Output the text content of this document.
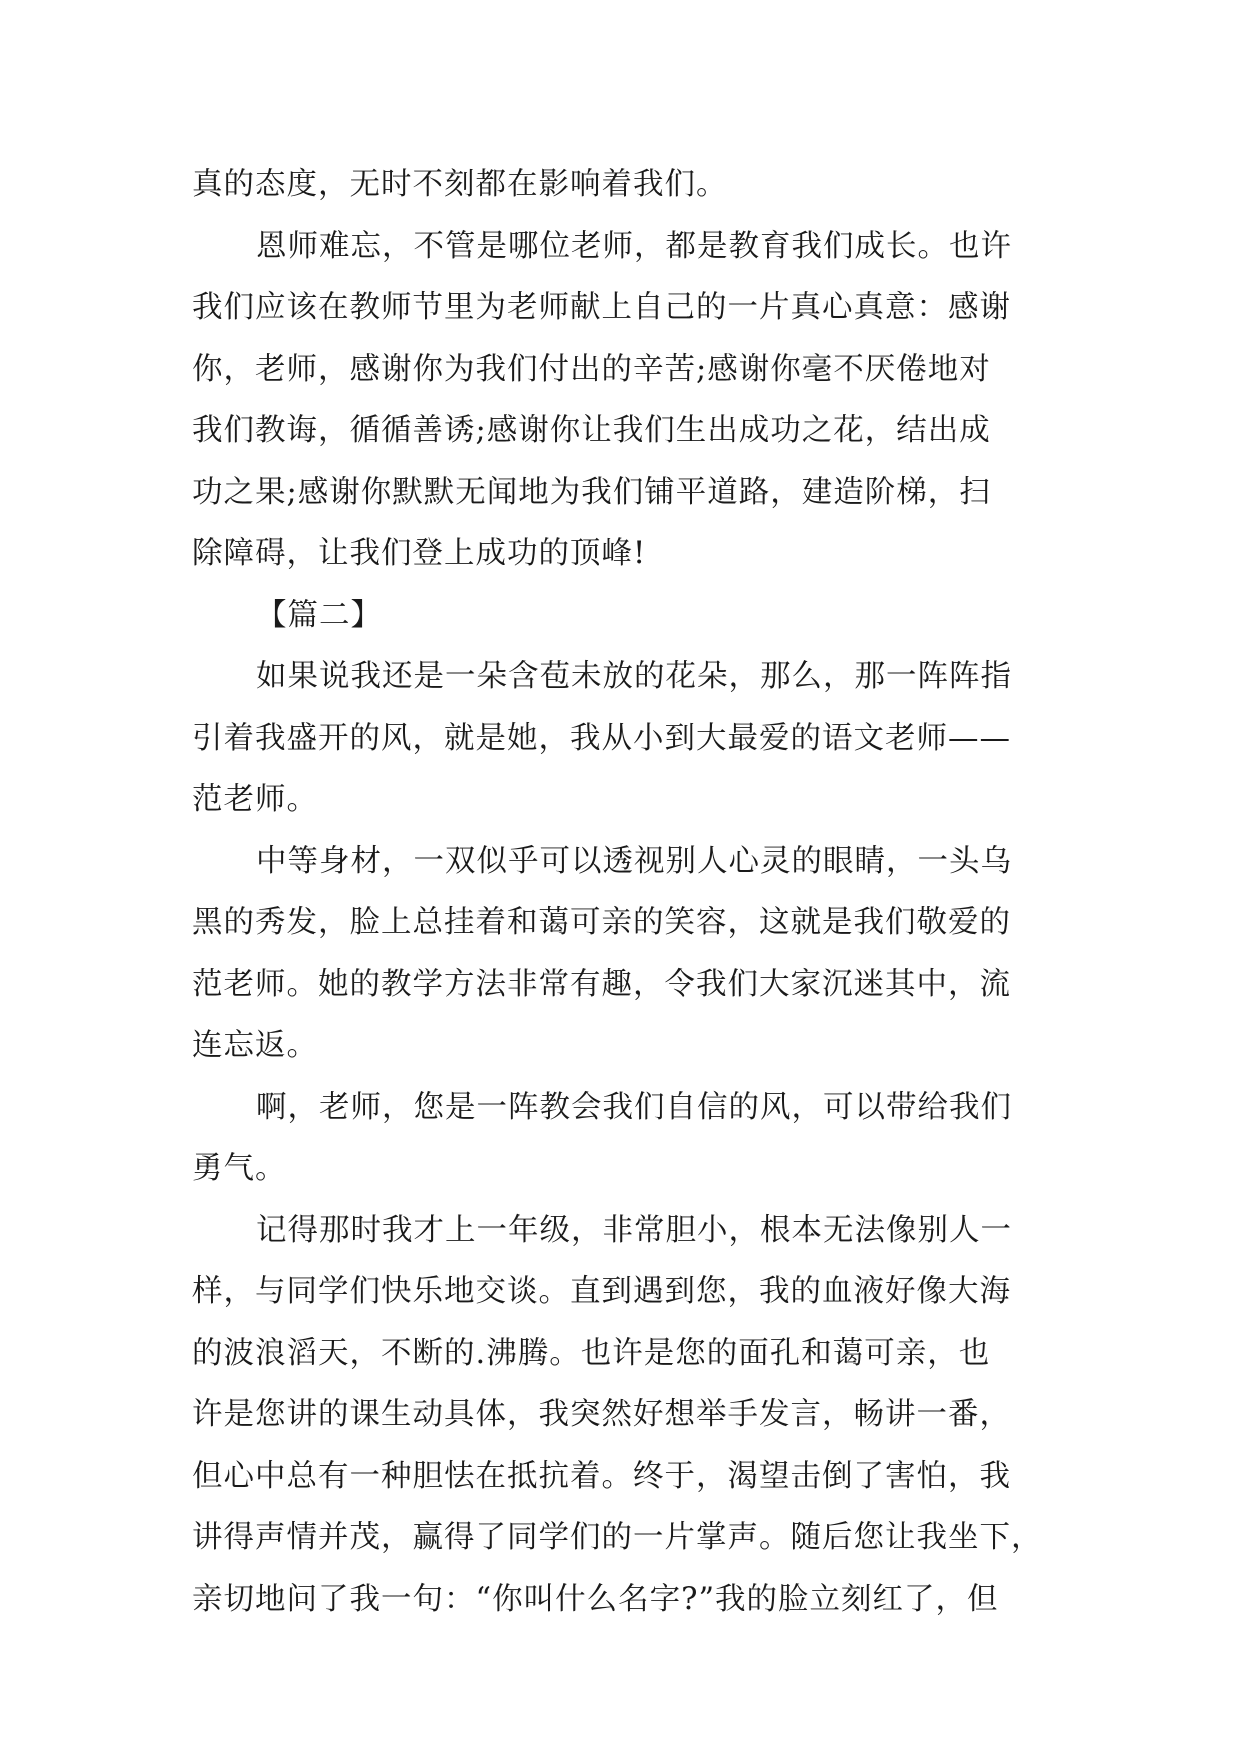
真的态度，无时不刻都在影响着我们。
恩师难忘，不管是哪位老师，都是教育我们成长。也许
我们应该在教师节里为老师献上自己的一片真心真意：感谢
你，老师，感谢你为我们付出的辛苦;感谢你毫不厌倦地对
我们教诲，循循善诱;感谢你让我们生出成功之花，结出成
功之果;感谢你默默无闻地为我们铺平道路，建造阶梯，扫
除障碍，让我们登上成功的顶峰!
【篇二】
如果说我还是一朵含苞未放的花朵，那么，那一阵阵指
引着我盛开的风，就是她，我从小到大最爱的语文老师——
范老师。
中等身材，一双似乎可以透视别人心灵的眼睛，一头乌
黑的秀发，脸上总挂着和蔼可亲的笑容，这就是我们敬爱的
范老师。她的教学方法非常有趣，令我们大家沉迷其中，流
连忘返。
啊，老师，您是一阵教会我们自信的风，可以带给我们
勇气。
记得那时我才上一年级，非常胆小，根本无法像别人一
样，与同学们快乐地交谈。直到遇到您，我的血液好像大海
的波浪滔天，不断的.沸腾。也许是您的面孔和蔼可亲，也
许是您讲的课生动具体，我突然好想举手发言，畅讲一番，
但心中总有一种胆怯在抵抗着。终于，渴望击倒了害怕，我
讲得声情并茂，赢得了同学们的一片掌声。随后您让我坐下，
亲切地问了我一句：“你叫什么名字?”我的脸立刻红了，但
